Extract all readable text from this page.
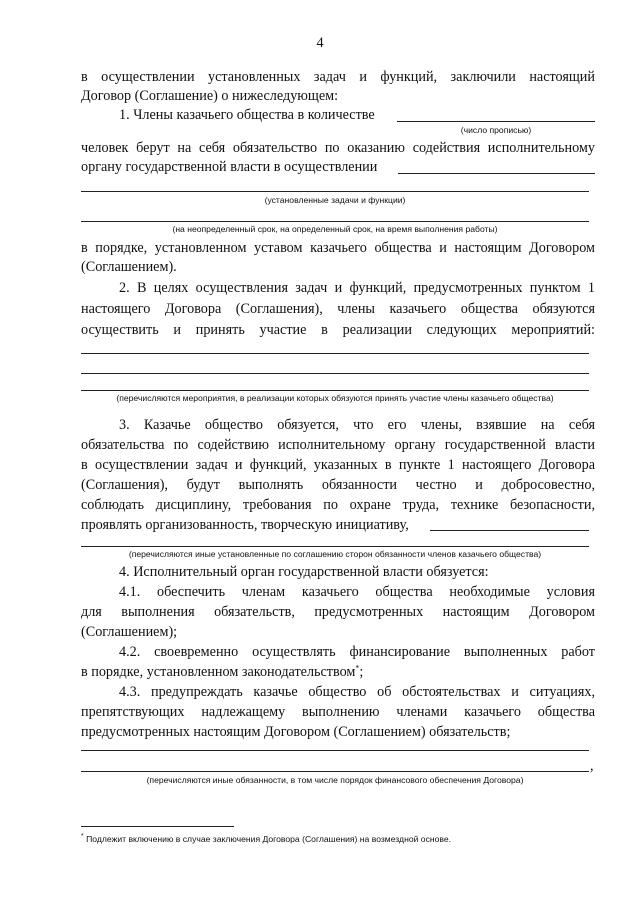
4
в осуществлении установленных задач и функций, заключили настоящий
Договор (Соглашение) о нижеследующем:
1. Члены казачьего общества в количестве
(число прописью)
человек берут на себя обязательство по оказанию содействия исполнительному
органу государственной власти в осуществлении
(установленные задачи и функции)
(на неопределенный срок, на определенный срок, на время выполнения работы)
в порядке, установленном уставом казачьего общества и настоящим Договором
(Соглашением).
2. В целях осуществления задач и функций, предусмотренных пунктом 1
настоящего Договора (Соглашения), члены казачьего общества обязуются
осуществить и принять участие в реализации следующих мероприятий:
(перечисляются мероприятия, в реализации которых обязуются принять участие члены казачьего общества)
3. Казачье общество обязуется, что его члены, взявшие на себя
обязательства по содействию исполнительному органу государственной власти
в осуществлении задач и функций, указанных в пункте 1 настоящего Договора
(Соглашения), будут выполнять обязанности честно и добросовестно,
соблюдать дисциплину, требования по охране труда, технике безопасности,
проявлять организованность, творческую инициативу,
(перечисляются иные установленные по соглашению сторон обязанности членов казачьего общества)
4. Исполнительный орган государственной власти обязуется:
4.1. обеспечить членам казачьего общества необходимые условия
для выполнения обязательств, предусмотренных настоящим Договором
(Соглашением);
4.2. своевременно осуществлять финансирование выполненных работ
в порядке, установленном законодательством*;
4.3. предупреждать казачье общество об обстоятельствах и ситуациях,
препятствующих надлежащему выполнению членами казачьего общества
предусмотренных настоящим Договором (Соглашением) обязательств;
,
(перечисляются иные обязанности, в том числе порядок финансового обеспечения Договора)
* Подлежит включению в случае заключения Договора (Соглашения) на возмездной основе.
